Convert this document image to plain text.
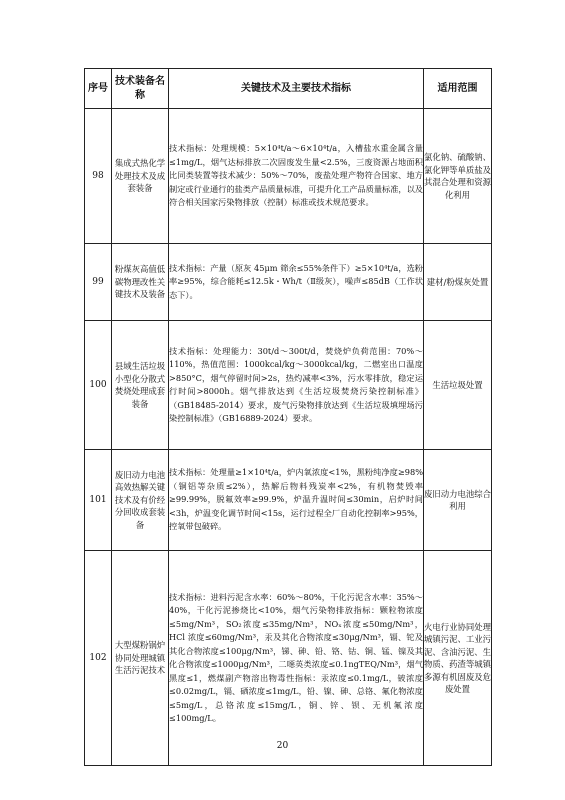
序号	技术装备名称	关键技术及主要技术指标	适用范围
98	集成式热化学处理技术及成套装备	技术指标：处理规模：5×10⁴t/a～6×10⁴t/a，入槽盐水重金属含量≤1mg/L，烟气达标排放二次固废发生量<2.5%，三废资源占地面积比同类装置等技术减少：50%～70%，废盐处理产物符合国家、地方制定或行业通行的盐类产品质量标准，可提升化工产品质量标准，以及符合相关国家污染物排放（控制）标准或技术规范要求。	氯化钠、硫酸钠、氯化钾等单质盐及其混合处理和资源化利用
99	粉煤灰高值低碳物理改性关键技术及装备	技术指标：产量（原灰 45μm 筛余≤55%条件下）≥5×10⁴t/a，选粉率≥95%，综合能耗≤12.5k・Wh/t（Ⅱ级灰），噪声≤85dB（工作状态下）。	建材/粉煤灰处置
100	县域生活垃圾小型化分散式焚烧处理成套装备	技术指标：处理能力：30t/d～300t/d，焚烧炉负荷范围：70%～110%，热值范围：1000kcal/kg～3000kcal/kg，二燃室出口温度>850°C，烟气停留时间>2s，热灼减率<3%，污水零排放，稳定运行时间>8000h。烟气排放达到《生活垃圾焚烧污染控制标准》（GB18485-2014）要求，废气污染物排放达到《生活垃圾填埋场污染控制标准》（GB16889-2024）要求。	生活垃圾处置
101	废旧动力电池高效热解关键技术及有价经分回收成套装备	技术指标：处理量≥1×10⁴t/a，炉内氧浓度<1%，黑粉纯净度≥98%（铜铝等杂质≤2%），热解后物料残炭率<2%，有机物焚毁率≥99.99%，脱氟效率≥99.9%，炉温升温时间≤30min，启炉时间<3h，炉温变化调节时间<15s，运行过程全厂自动化控制率>95%，控氧带包破碎。	废旧动力电池综合利用
102	大型煤粉锅炉协同处理城镇生活污泥技术	技术指标：进料污泥含水率：60%～80%，干化污泥含水率：35%～40%，干化污泥掺烧比<10%，烟气污染物排放指标：颗粒物浓度≤5mg/Nm³，SO₂浓度≤35mg/Nm³，NOₓ浓度≤50mg/Nm³，HCl 浓度≤60mg/Nm³，汞及其化合物浓度≤30μg/Nm³，镉、铊及其化合物浓度≤100μg/Nm³，锑、砷、铅、铬、钴、铜、锰、镍及其化合物浓度≤1000μg/Nm³，二噁英类浓度≤0.1ngTEQ/Nm³，烟气黑度≤1，燃煤副产物溶出物毒性指标：汞浓度≤0.1mg/L，铍浓度≤0.02mg/L，镉、硒浓度≤1mg/L，铅、镍、砷、总铬、氟化物浓度≤5mg/L，总铬浓度≤15mg/L，铜、锌、钡、无机氟浓度≤100mg/L。	火电行业协同处理城镇污泥、工业污泥、含油污泥、生物质、药渣等城镇多源有机固废及危废处置
20
